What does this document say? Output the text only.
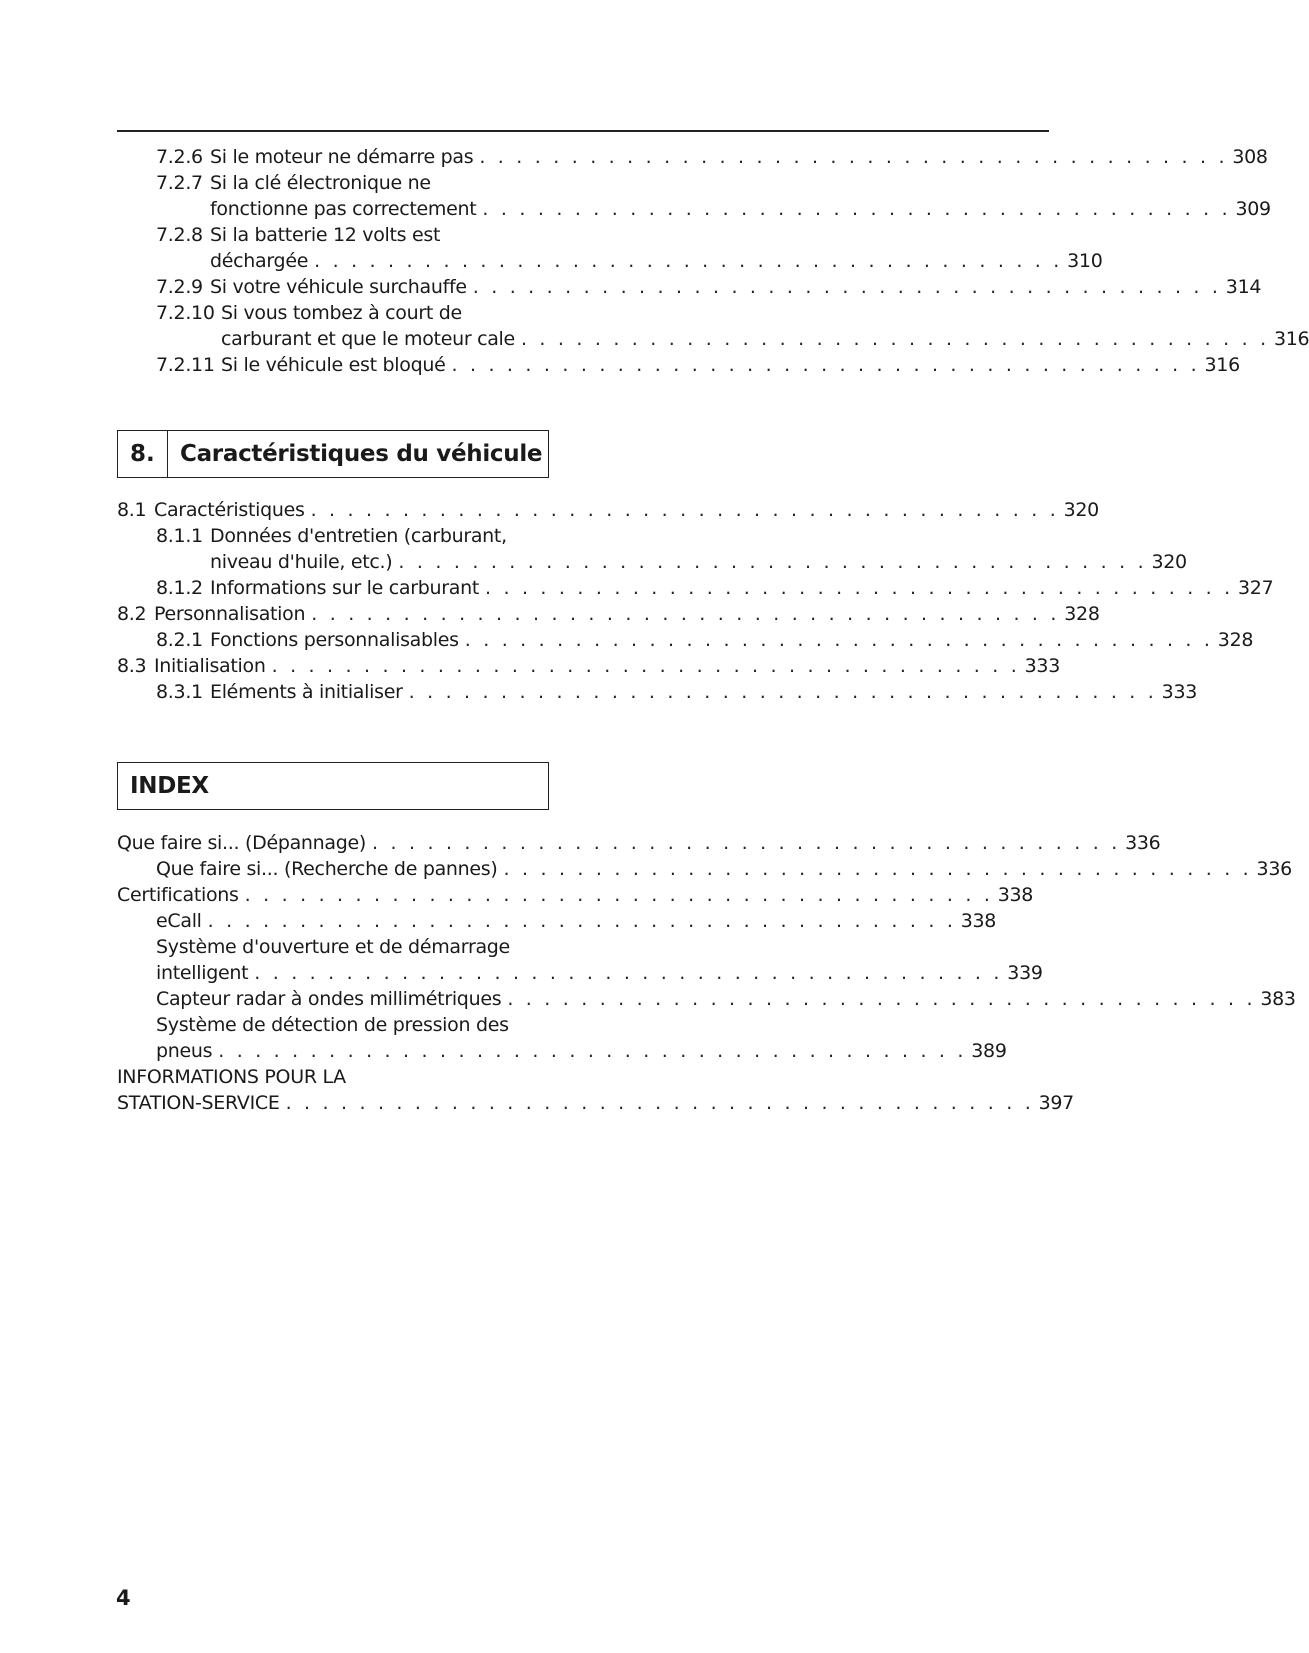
7.2.6 Si le moteur ne démarre pas . . . . . . . . . . . . . . . . . . . . . . . . . . . . . . . . . . . . . . . . . 308
7.2.7 Si la clé électronique ne
fonctionne pas correctement . . . . . . . . . . . . . . . . . . . . . . . . . . . . . . . . . . . . . . . . . 309
7.2.8 Si la batterie 12 volts est
déchargée . . . . . . . . . . . . . . . . . . . . . . . . . . . . . . . . . . . . . . . . . 310
7.2.9 Si votre véhicule surchauffe . . . . . . . . . . . . . . . . . . . . . . . . . . . . . . . . . . . . . . . . . 314
7.2.10 Si vous tombez à court de
carburant et que le moteur cale . . . . . . . . . . . . . . . . . . . . . . . . . . . . . . . . . . . . . . . . . 316
7.2.11 Si le véhicule est bloqué . . . . . . . . . . . . . . . . . . . . . . . . . . . . . . . . . . . . . . . . . 316
8.	Caractéristiques du véhicule
8.1 Caractéristiques . . . . . . . . . . . . . . . . . . . . . . . . . . . . . . . . . . . . . . . . . 320
8.1.1 Données d'entretien (carburant,
niveau d'huile, etc.) . . . . . . . . . . . . . . . . . . . . . . . . . . . . . . . . . . . . . . . . . 320
8.1.2 Informations sur le carburant . . . . . . . . . . . . . . . . . . . . . . . . . . . . . . . . . . . . . . . . . 327
8.2 Personnalisation . . . . . . . . . . . . . . . . . . . . . . . . . . . . . . . . . . . . . . . . . 328
8.2.1 Fonctions personnalisables . . . . . . . . . . . . . . . . . . . . . . . . . . . . . . . . . . . . . . . . . 328
8.3 Initialisation . . . . . . . . . . . . . . . . . . . . . . . . . . . . . . . . . . . . . . . . . 333
8.3.1 Eléments à initialiser . . . . . . . . . . . . . . . . . . . . . . . . . . . . . . . . . . . . . . . . . 333
INDEX
Que faire si... (Dépannage) . . . . . . . . . . . . . . . . . . . . . . . . . . . . . . . . . . . . . . . . . 336
Que faire si... (Recherche de pannes) . . . . . . . . . . . . . . . . . . . . . . . . . . . . . . . . . . . . . . . . . 336
Certifications . . . . . . . . . . . . . . . . . . . . . . . . . . . . . . . . . . . . . . . . . 338
eCall . . . . . . . . . . . . . . . . . . . . . . . . . . . . . . . . . . . . . . . . . 338
Système d'ouverture et de démarrage
intelligent . . . . . . . . . . . . . . . . . . . . . . . . . . . . . . . . . . . . . . . . . 339
Capteur radar à ondes millimétriques . . . . . . . . . . . . . . . . . . . . . . . . . . . . . . . . . . . . . . . . . 383
Système de détection de pression des
pneus . . . . . . . . . . . . . . . . . . . . . . . . . . . . . . . . . . . . . . . . . 389
INFORMATIONS POUR LA
STATION-SERVICE . . . . . . . . . . . . . . . . . . . . . . . . . . . . . . . . . . . . . . . . . 397
4
